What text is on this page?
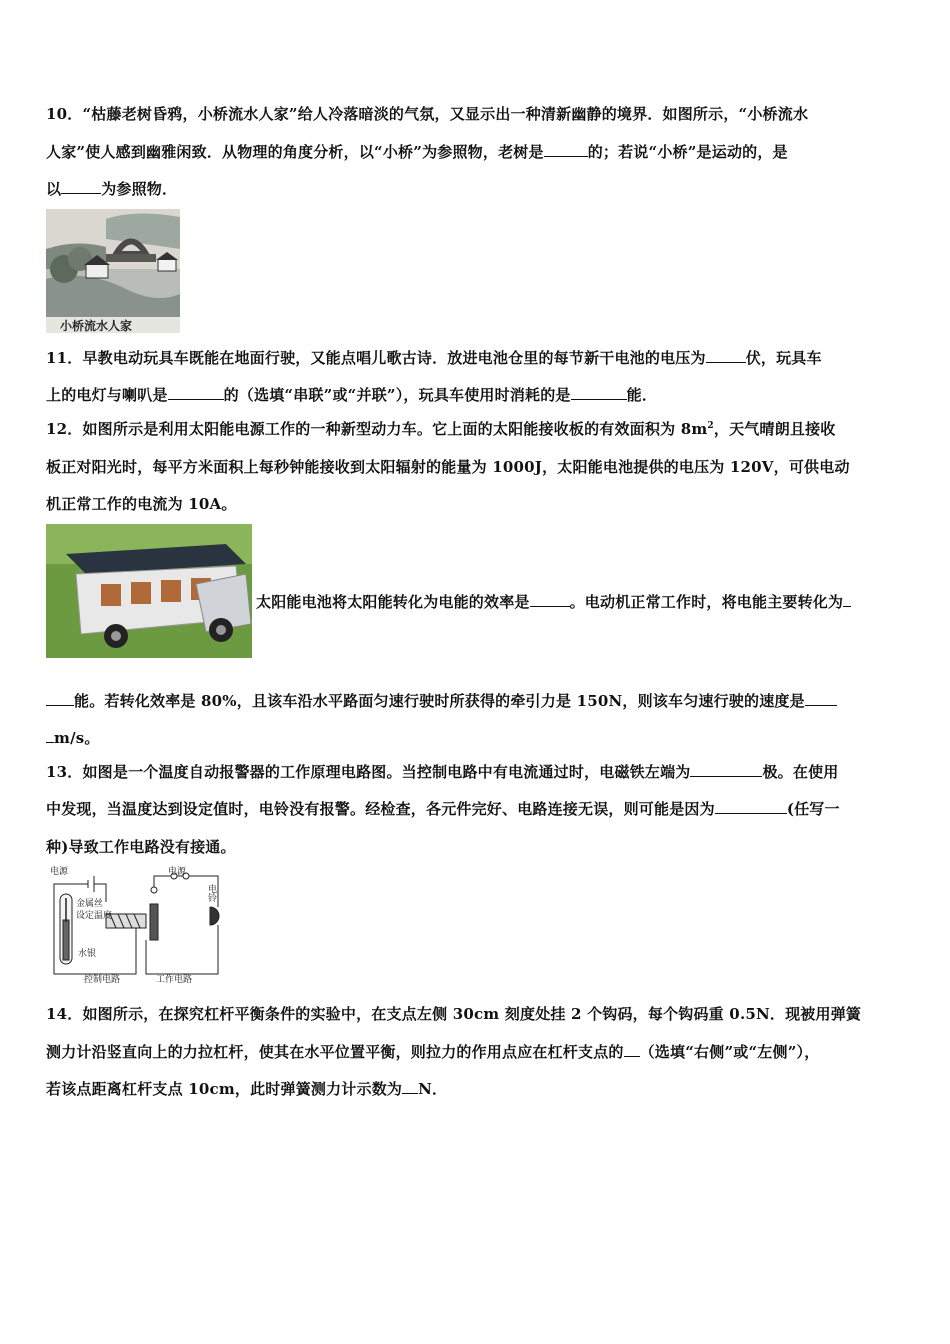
10．“枯藤老树昏鸦，小桥流水人家”给人冷落暗淡的气氛，又显示出一种清新幽静的境界．如图所示，“小桥流水
人家”使人感到幽雅闲致．从物理的角度分析，以“小桥”为参照物，老树是	的；若说“小桥”是运动的，是
以	为参照物．
小桥流水人家
11．早教电动玩具车既能在地面行驶，又能点唱儿歌古诗．放进电池仓里的每节新干电池的电压为	伏，玩具车
上的电灯与喇叭是	的（选填“串联”或“并联”），玩具车使用时消耗的是	能．
12．如图所示是利用太阳能电源工作的一种新型动力车。它上面的太阳能接收板的有效面积为 $8m^2$，天气晴朗且接收
板正对阳光时，每平方米面积上每秒钟能接收到太阳辐射的能量为 1000J，太阳能电池提供的电压为 120V，可供电动
机正常工作的电流为 10A。
太阳能电池将太阳能转化为电能的效率是	。电动机正常工作时，将电能主要转化为
能。若转化效率是 80%，且该车沿水平路面匀速行驶时所获得的牵引力是 150N，则该车匀速行驶的速度是
m/s。
13．如图是一个温度自动报警器的工作原理电路图。当控制电路中有电流通过时，电磁铁左端为	极。在使用
中发现，当温度达到设定值时，电铃没有报警。经检查，各元件完好、电路连接无误，则可能是因为	(任写一
种)导致工作电路没有接通。
电源	电源
金属丝
设定温度
水银
电铃
控制电路	工作电路
14．如图所示，在探究杠杆平衡条件的实验中，在支点左侧 30cm 刻度处挂 2 个钩码，每个钩码重 0.5N．现被用弹簧
测力计沿竖直向上的力拉杠杆，使其在水平位置平衡，则拉力的作用点应在杠杆支点的 （选填“右侧”或“左侧”），
若该点距离杠杆支点 10cm，此时弹簧测力计示数为 N．
